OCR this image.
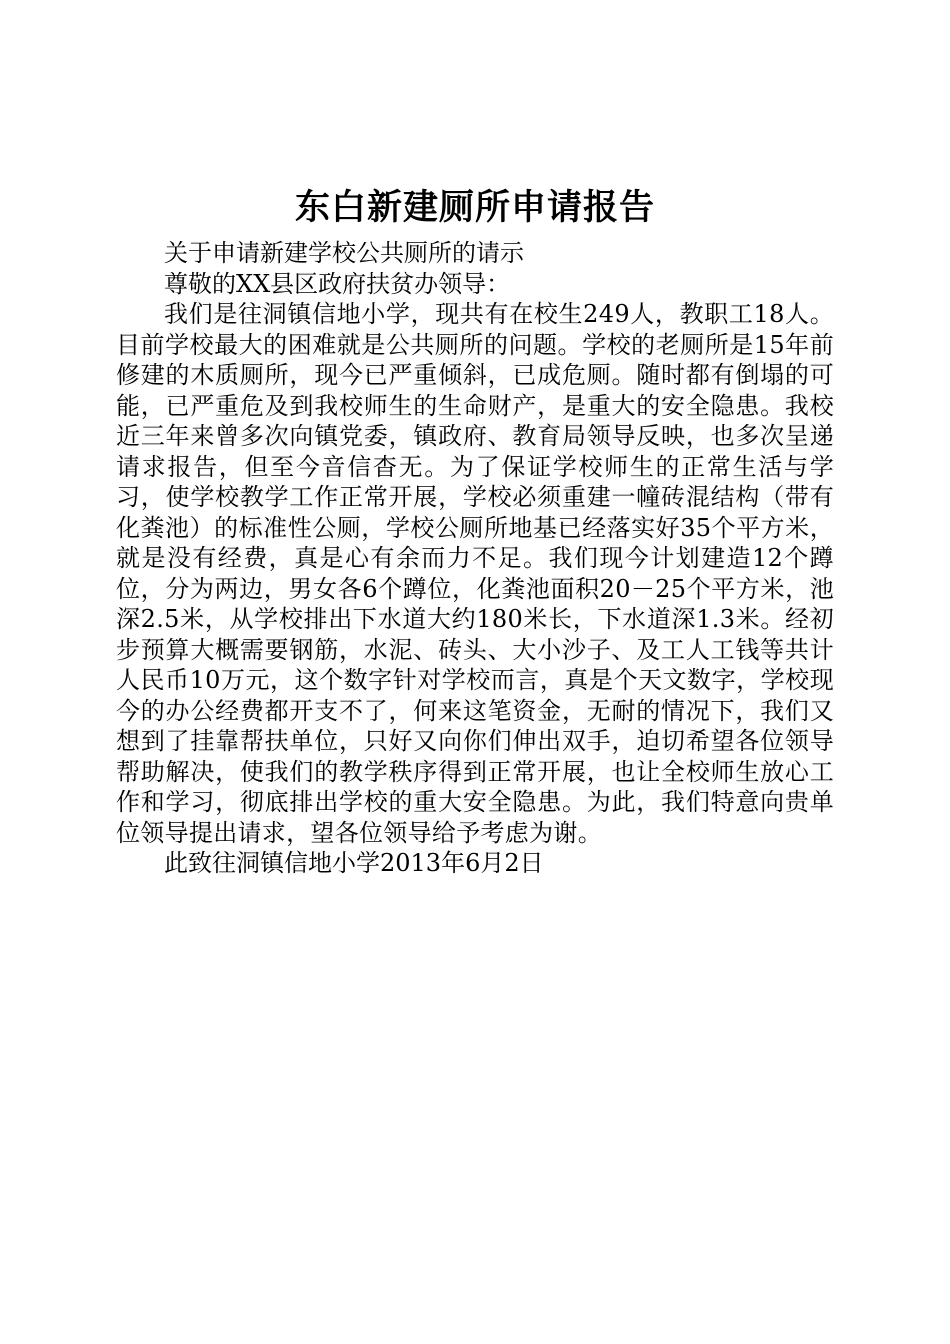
东白新建厕所申请报告

关于申请新建学校公共厕所的请示

尊敬的XX县区政府扶贫办领导：

我们是往洞镇信地小学，现共有在校生249人，教职工18人。目前学校最大的困难就是公共厕所的问题。学校的老厕所是15年前修建的木质厕所，现今已严重倾斜，已成危厕。随时都有倒塌的可能，已严重危及到我校师生的生命财产，是重大的安全隐患。我校近三年来曾多次向镇党委，镇政府、教育局领导反映，也多次呈递请求报告，但至今音信杳无。为了保证学校师生的正常生活与学习，使学校教学工作正常开展，学校必须重建一幢砖混结构（带有化粪池）的标准性公厕，学校公厕所地基已经落实好35个平方米，就是没有经费，真是心有余而力不足。我们现今计划建造12个蹲位，分为两边，男女各6个蹲位，化粪池面积20－25个平方米，池深2.5米，从学校排出下水道大约180米长，下水道深1.3米。经初步预算大概需要钢筋，水泥、砖头、大小沙子、及工人工钱等共计人民币10万元，这个数字针对学校而言，真是个天文数字，学校现今的办公经费都开支不了，何来这笔资金，无耐的情况下，我们又想到了挂靠帮扶单位，只好又向你们伸出双手，迫切希望各位领导帮助解决，使我们的教学秩序得到正常开展，也让全校师生放心工作和学习，彻底排出学校的重大安全隐患。为此，我们特意向贵单位领导提出请求，望各位领导给予考虑为谢。

此致往洞镇信地小学2013年6月2日
